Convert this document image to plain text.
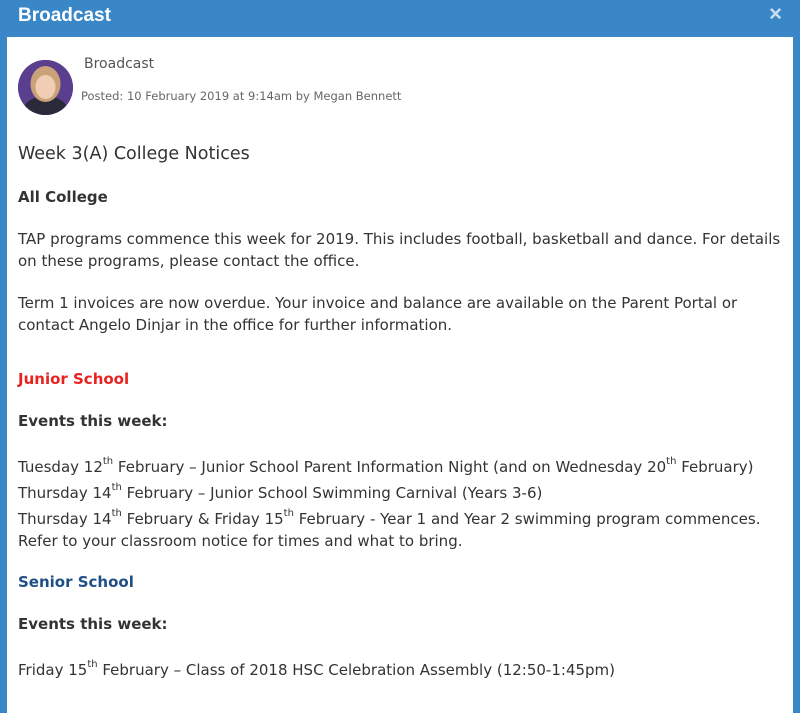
Broadcast	×
Broadcast
Posted: 10 February 2019 at 9:14am by Megan Bennett
Week 3(A) College Notices

All College

TAP programs commence this week for 2019. This includes football, basketball and dance. For details on these programs, please contact the office.

Term 1 invoices are now overdue. Your invoice and balance are available on the Parent Portal or contact Angelo Dinjar in the office for further information.

Junior School

Events this week:

Tuesday 12th February – Junior School Parent Information Night (and on Wednesday 20th February)

Thursday 14th February – Junior School Swimming Carnival (Years 3-6)

Thursday 14th February & Friday 15th February - Year 1 and Year 2 swimming program commences.

Refer to your classroom notice for times and what to bring.

Senior School

Events this week:

Friday 15th February – Class of 2018 HSC Celebration Assembly (12:50-1:45pm)
